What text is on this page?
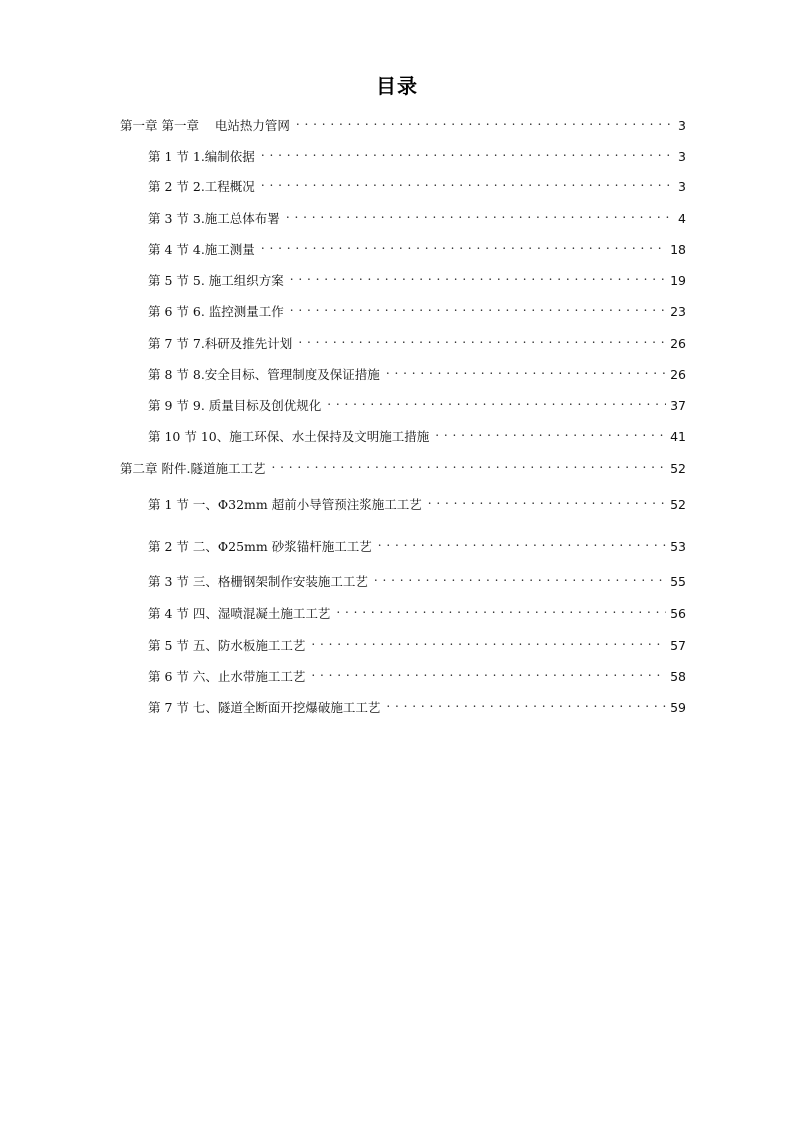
目录
第一章 第一章    电站热力管网 . . .	3
第 1 节 1.编制依据 . . .	3
第 2 节 2.工程概况 . . .	3
第 3 节 3.施工总体布署 . . .	4
第 4 节 4.施工测量 . . .	18
第 5 节 5. 施工组织方案 . . .	19
第 6 节 6. 监控测量工作 . . .	23
第 7 节 7.科研及推先计划 . . .	26
第 8 节 8.安全目标、管理制度及保证措施 . . .	26
第 9 节 9. 质量目标及创优规化 . . .	37
第 10 节 10、施工环保、水土保持及文明施工措施 . . .	41
第二章 附件.隧道施工工艺 . . .	52
第 1 节 一、Φ32mm 超前小导管预注浆施工工艺 . . .	52
第 2 节 二、Φ25mm 砂浆锚杆施工工艺 . . .	53
第 3 节 三、格栅钢架制作安装施工工艺 . . .	55
第 4 节 四、湿喷混凝土施工工艺 . . .	56
第 5 节 五、防水板施工工艺 . . .	57
第 6 节 六、止水带施工工艺 . . .	58
第 7 节 七、隧道全断面开挖爆破施工工艺 . . .	59
